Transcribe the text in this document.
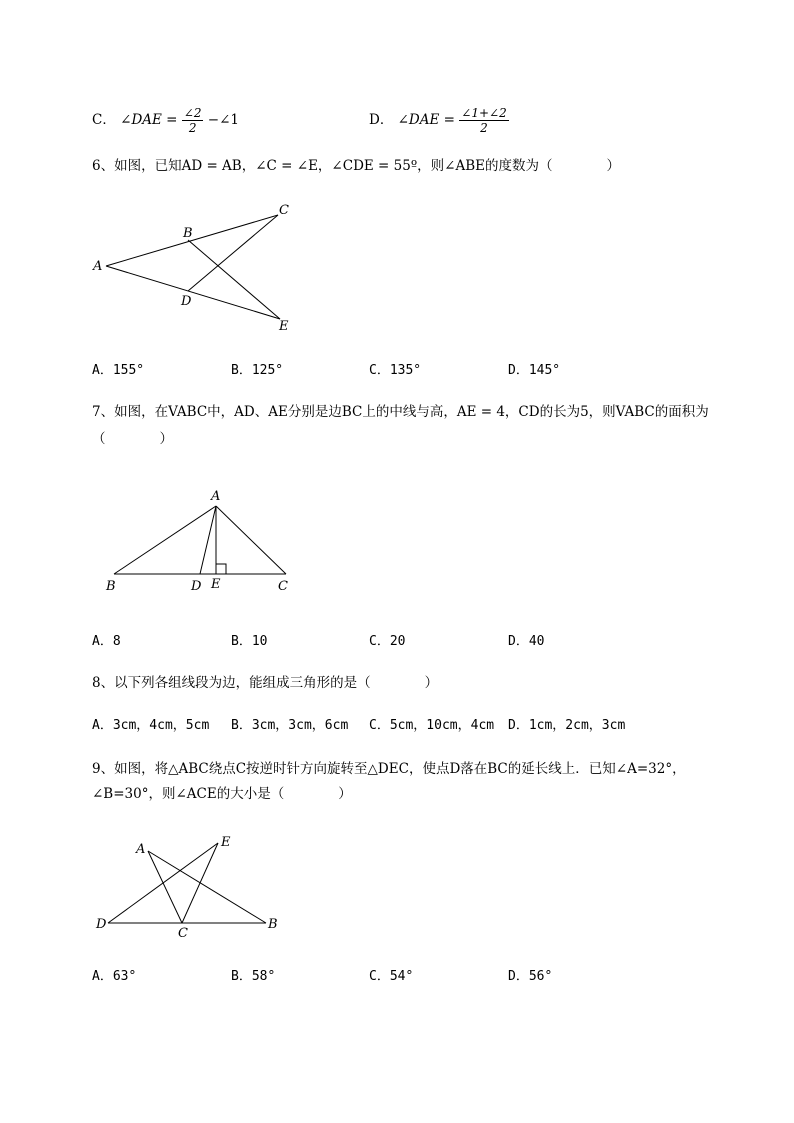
C． ∠DAE = $\frac{\angle 2}{2}$ −∠1	D． ∠DAE = $\frac{\angle 1+\angle 2}{2}$
6、如图，已知AD = AB，∠C = ∠E，∠CDE = 55º，则∠ABE的度数为（　　　　）
A
B
C
D
E
A．155°	B．125°	C．135°	D．145°
7、如图，在VABC中，AD、AE分别是边BC上的中线与高，AE = 4，CD的长为5，则VABC的面积为
（　　　　）
A
B	C
D E
A．8	B．10	C．20	D．40
8、以下列各组线段为边，能组成三角形的是（　　　　）
A．3cm，4cm，5cm B．3cm，3cm，6cm C．5cm，10cm，4cm D．1cm，2cm，3cm
9、如图，将△ABC绕点C按逆时针方向旋转至△DEC，使点D落在BC的延长线上．已知∠A=32°，
∠B=30°，则∠ACE的大小是（　　　　）
A	E
D
C
B
A．63°	B．58°	C．54°	D．56°
